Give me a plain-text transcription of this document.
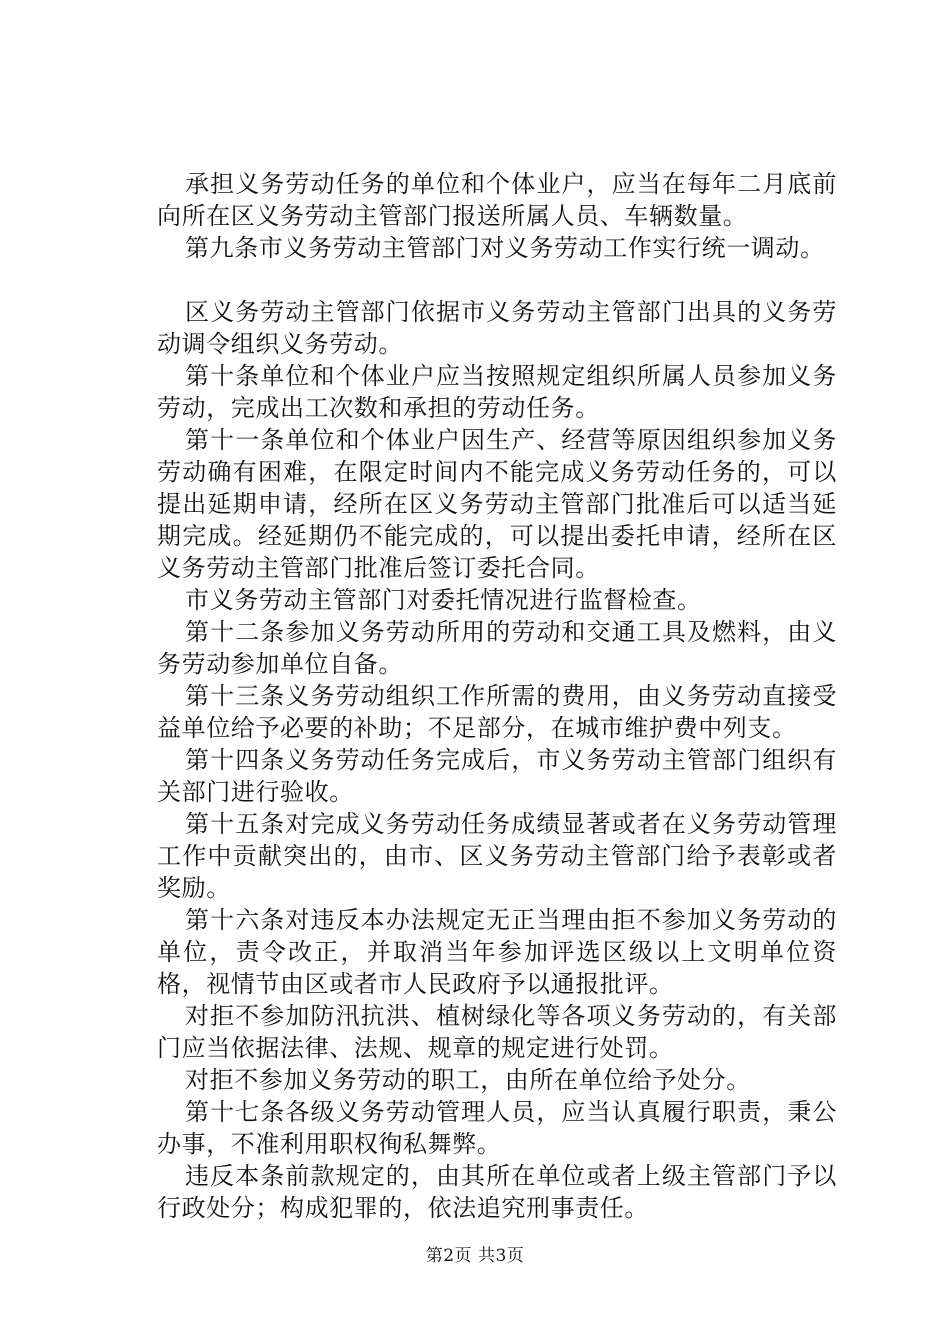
承担义务劳动任务的单位和个体业户，应当在每年二月底前向所在区义务劳动主管部门报送所属人员、车辆数量。

第九条市义务劳动主管部门对义务劳动工作实行统一调动。

区义务劳动主管部门依据市义务劳动主管部门出具的义务劳动调令组织义务劳动。

第十条单位和个体业户应当按照规定组织所属人员参加义务劳动，完成出工次数和承担的劳动任务。

第十一条单位和个体业户因生产、经营等原因组织参加义务劳动确有困难，在限定时间内不能完成义务劳动任务的，可以提出延期申请，经所在区义务劳动主管部门批准后可以适当延期完成。经延期仍不能完成的，可以提出委托申请，经所在区义务劳动主管部门批准后签订委托合同。

市义务劳动主管部门对委托情况进行监督检查。

第十二条参加义务劳动所用的劳动和交通工具及燃料，由义务劳动参加单位自备。

第十三条义务劳动组织工作所需的费用，由义务劳动直接受益单位给予必要的补助；不足部分，在城市维护费中列支。

第十四条义务劳动任务完成后，市义务劳动主管部门组织有关部门进行验收。

第十五条对完成义务劳动任务成绩显著或者在义务劳动管理工作中贡献突出的，由市、区义务劳动主管部门给予表彰或者奖励。

第十六条对违反本办法规定无正当理由拒不参加义务劳动的单位，责令改正，并取消当年参加评选区级以上文明单位资格，视情节由区或者市人民政府予以通报批评。

对拒不参加防汛抗洪、植树绿化等各项义务劳动的，有关部门应当依据法律、法规、规章的规定进行处罚。

对拒不参加义务劳动的职工，由所在单位给予处分。

第十七条各级义务劳动管理人员，应当认真履行职责，秉公办事，不准利用职权徇私舞弊。

违反本条前款规定的，由其所在单位或者上级主管部门予以行政处分；构成犯罪的，依法追究刑事责任。

第2页 共3页
